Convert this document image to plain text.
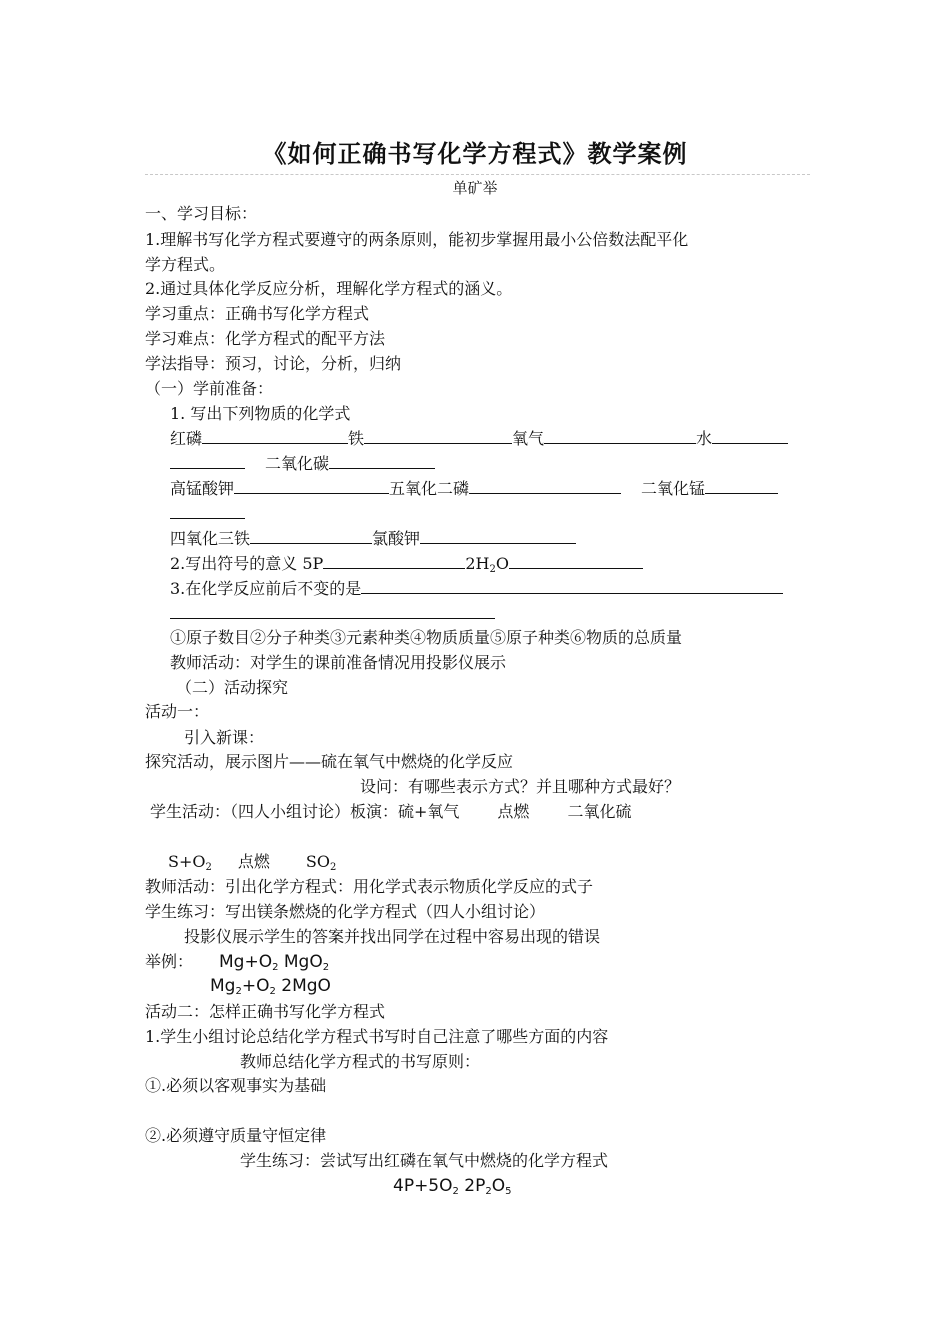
《如何正确书写化学方程式》教学案例
单矿举
一、学习目标：
1.理解书写化学方程式要遵守的两条原则，能初步掌握用最小公倍数法配平化
学方程式。
2.通过具体化学反应分析，理解化学方程式的涵义。
学习重点：正确书写化学方程式
学习难点：化学方程式的配平方法
学法指导：预习，讨论，分析，归纳
（一）学前准备：
1. 写出下列物质的化学式
红磷	铁	氧气	水
二氧化碳
高锰酸钾	五氧化二磷	二氧化锰
四氧化三铁	氯酸钾
2.写出符号的意义 5P	$2H_2O$
3.在化学反应前后不变的是
①原子数目②分子种类③元素种类④物质质量⑤原子种类⑥物质的总质量
教师活动：对学生的课前准备情况用投影仪展示
（二）活动探究
活动一：
引入新课：
探究活动，展示图片——硫在氧气中燃烧的化学反应
设问：有哪些表示方式？并且哪种方式最好？
学生活动：（四人小组讨论）板演：硫+氧气 点燃 二氧化硫
$S+O_2$ 点燃 $SO_2$
教师活动：引出化学方程式：用化学式表示物质化学反应的式子
学生练习：写出镁条燃烧的化学方程式（四人小组讨论）
投影仪展示学生的答案并找出同学在过程中容易出现的错误
举例： $Mg+O_2$ MgO$_2$
$Mg_2+O_2$ 2MgO
活动二：怎样正确书写化学方程式
1.学生小组讨论总结化学方程式书写时自己注意了哪些方面的内容
教师总结化学方程式的书写原则：
①.必须以客观事实为基础
②.必须遵守质量守恒定律
学生练习：尝试写出红磷在氧气中燃烧的化学方程式
$4P+5O_2$ $2P_2O_5$
